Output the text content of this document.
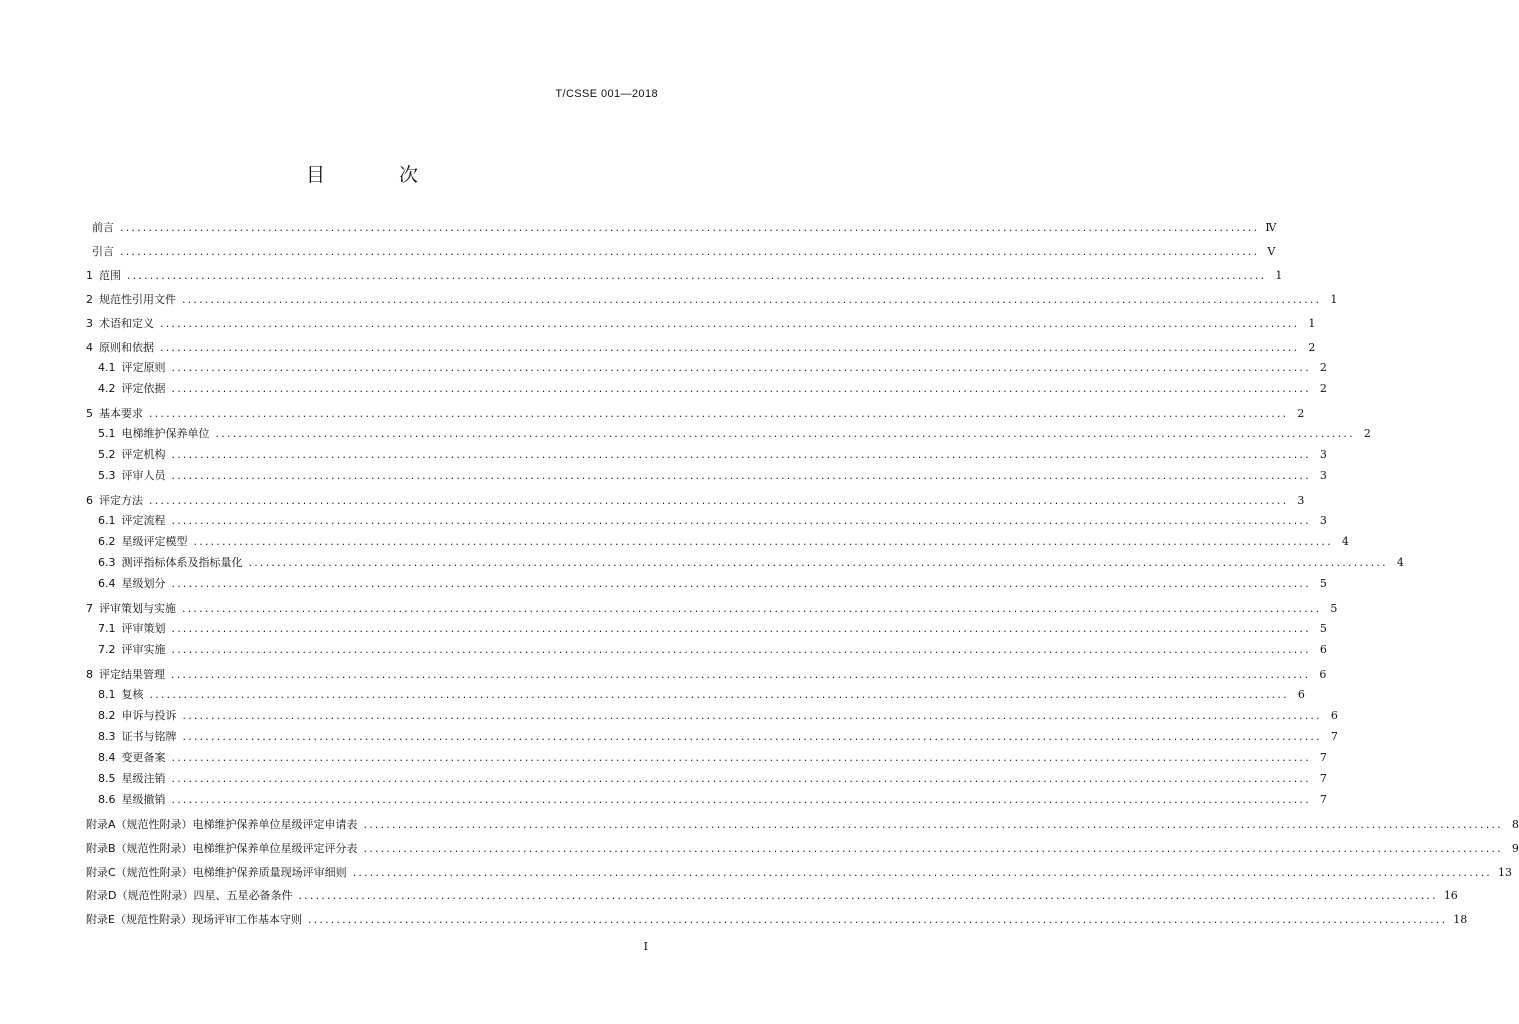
T/CSSE 001—2018
目 次
前言 ........................................................................................................................................................................................................ Ⅳ
引言 ........................................................................................................................................................................................................ Ⅴ
1 范围 ........................................................................................................................................................................................................ 1
2 规范性引用文件 ........................................................................................................................................................................................................ 1
3 术语和定义 ........................................................................................................................................................................................................ 1
4 原则和依据 ........................................................................................................................................................................................................ 2
4.1 评定原则 ........................................................................................................................................................................................................ 2
4.2 评定依据 ........................................................................................................................................................................................................ 2
5 基本要求 ........................................................................................................................................................................................................ 2
5.1 电梯维护保养单位 ........................................................................................................................................................................................................ 2
5.2 评定机构 ........................................................................................................................................................................................................ 3
5.3 评审人员 ........................................................................................................................................................................................................ 3
6 评定方法 ........................................................................................................................................................................................................ 3
6.1 评定流程 ........................................................................................................................................................................................................ 3
6.2 星级评定模型 ........................................................................................................................................................................................................ 4
6.3 测评指标体系及指标量化 ........................................................................................................................................................................................................ 4
6.4 星级划分 ........................................................................................................................................................................................................ 5
7 评审策划与实施 ........................................................................................................................................................................................................ 5
7.1 评审策划 ........................................................................................................................................................................................................ 5
7.2 评审实施 ........................................................................................................................................................................................................ 6
8 评定结果管理 ........................................................................................................................................................................................................ 6
8.1 复核 ........................................................................................................................................................................................................ 6
8.2 申诉与投诉 ........................................................................................................................................................................................................ 6
8.3 证书与铭牌 ........................................................................................................................................................................................................ 7
8.4 变更备案 ........................................................................................................................................................................................................ 7
8.5 星级注销 ........................................................................................................................................................................................................ 7
8.6 星级撤销 ........................................................................................................................................................................................................ 7
附录A（规范性附录） 电梯维护保养单位星级评定申请表 ........................................................................................................................................................................................................ 8
附录B（规范性附录） 电梯维护保养单位星级评定评分表 ........................................................................................................................................................................................................ 9
附录C（规范性附录） 电梯维护保养质量现场评审细则 ........................................................................................................................................................................................................ 13
附录D（规范性附录） 四星、五星必备条件 ........................................................................................................................................................................................................ 16
附录E（规范性附录） 现场评审工作基本守则 ........................................................................................................................................................................................................ 18
Ⅰ
